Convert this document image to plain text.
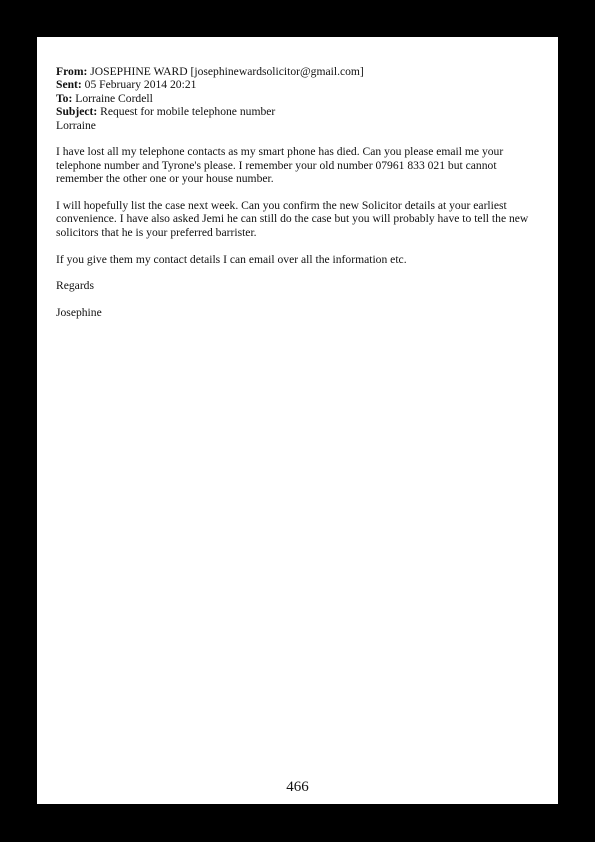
From: JOSEPHINE WARD [josephinewardsolicitor@gmail.com]
Sent: 05 February 2014 20:21
To: Lorraine Cordell
Subject: Request for mobile telephone number
Lorraine

I have lost all my telephone contacts as my smart phone has died. Can you please email me your telephone number and Tyrone's please. I remember your old number 07961 833 021 but cannot remember the other one or your house number.

I will hopefully list the case next week. Can you confirm the new Solicitor details at your earliest convenience. I have also asked Jemi he can still do the case but you will probably have to tell the new solicitors that he is your preferred barrister.

If you give them my contact details I can email over all the information etc.

Regards

Josephine

466
